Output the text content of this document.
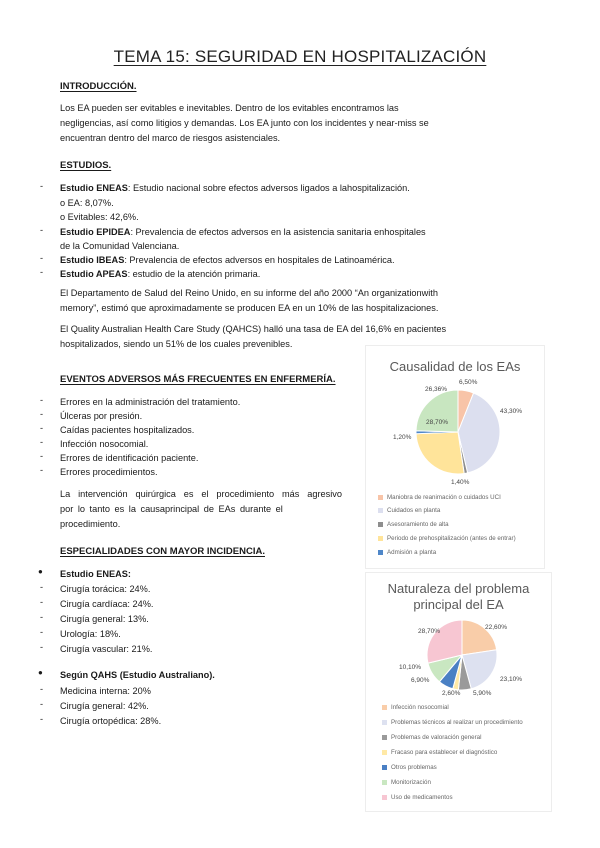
TEMA 15: SEGURIDAD EN HOSPITALIZACIÓN
INTRODUCCIÓN.
Los EA pueden ser evitables e inevitables. Dentro de los evitables encontramos las
negligencias, así como litigios y demandas. Los EA junto con los incidentes y near-miss se
encuentran dentro del marco de riesgos asistenciales.
ESTUDIOS.
- Estudio ENEAS: Estudio nacional sobre efectos adversos ligados a lahospitalización.
o EA: 8,07%.
o Evitables: 42,6%.
- Estudio EPIDEA: Prevalencia de efectos adversos en la asistencia sanitaria enhospitales
de la Comunidad Valenciana.
- Estudio IBEAS: Prevalencia de efectos adversos en hospitales de Latinoamérica.
- Estudio APEAS: estudio de la atención primaria.
El Departamento de Salud del Reino Unido, en su informe del año 2000 “An organizationwith
memory”, estimó que aproximadamente se producen EA en un 10% de las hospitalizaciones.
El Quality Australian Health Care Study (QAHCS) halló una tasa de EA del 16,6% en pacientes
hospitalizados, siendo un 51% de los cuales prevenibles.
EVENTOS ADVERSOS MÁS FRECUENTES EN ENFERMERÍA.
- Errores en la administración del tratamiento.
- Úlceras por presión.
- Caídas pacientes hospitalizados.
- Infección nosocomial.
- Errores de identificación paciente.
- Errores procedimientos.
La intervención quirúrgica es el procedimiento más agresivo
por lo tanto es la causaprincipal de EAs durante el
procedimiento.
ESPECIALIDADES CON MAYOR INCIDENCIA.
● Estudio ENEAS:
- Cirugía torácica: 24%.
- Cirugía cardíaca: 24%.
- Cirugía general: 13%.
- Urología: 18%.
- Cirugía vascular: 21%.
● Según QAHS (Estudio Australiano).
- Medicina interna: 20%
- Cirugía general: 42%.
- Cirugía ortopédica: 28%.
Causalidad de los EAs
6,50%
43,30%
1,40%
28,70%
1,20%
26,36%
Maniobra de reanimación o cuidados UCI
Cuidados en planta
Asesoramiento de alta
Periodo de prehospitalización (antes de entrar)
Admisión a planta
Naturaleza del problema
principal del EA
22,60%
23,10%
5,90%
2,60%
6,90%
10,10%
28,70%
Infección nosocomial
Problemas técnicos al realizar un procedimiento
Problemas de valoración general
Fracaso para establecer el diagnóstico
Otros problemas
Monitorización
Uso de medicamentos
